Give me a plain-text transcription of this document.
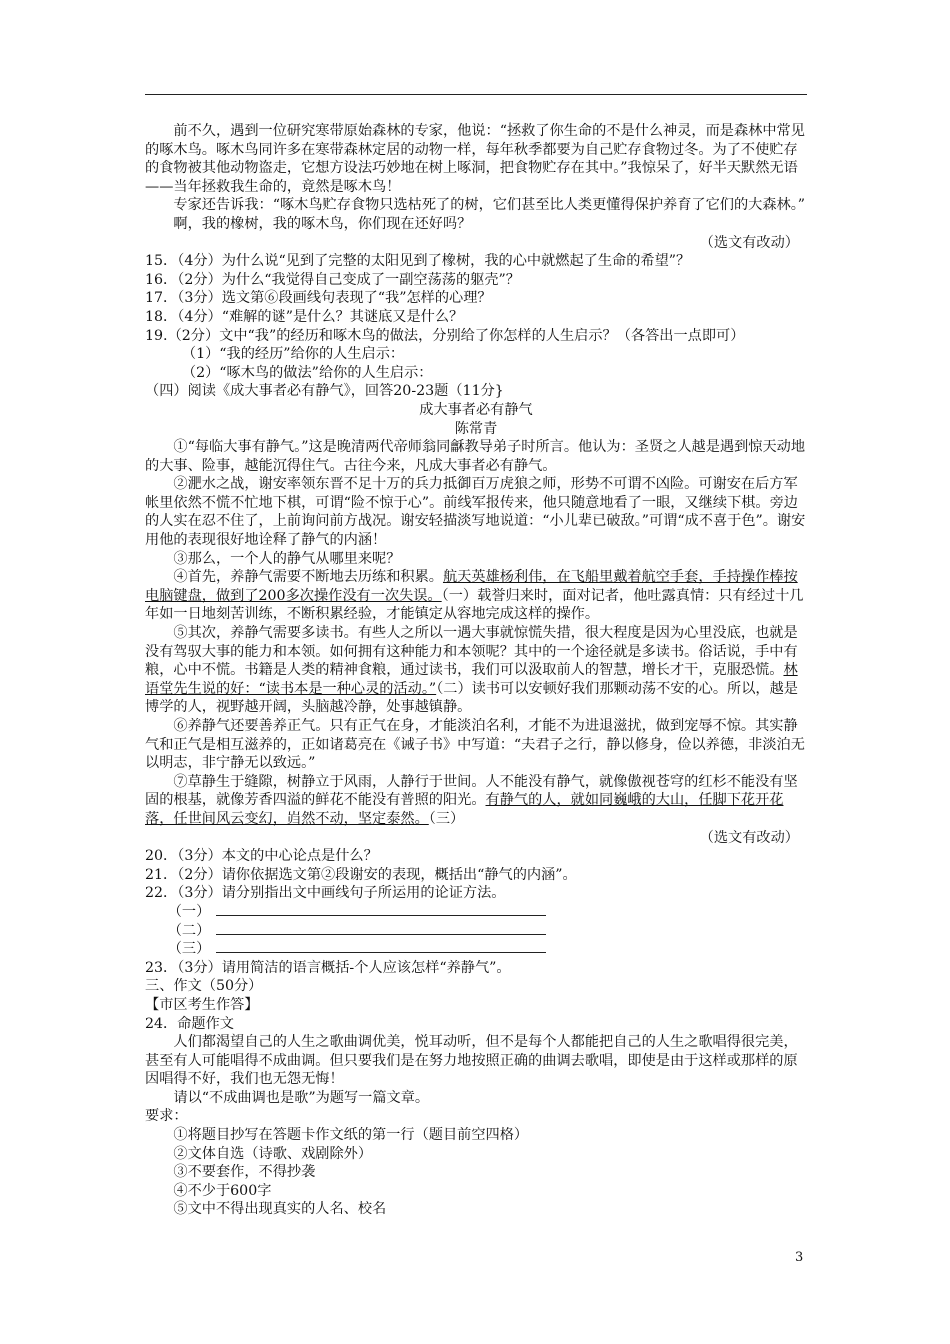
前不久，遇到一位研究寒带原始森林的专家，他说：“拯救了你生命的不是什么神灵，而是森林中常见的啄木鸟。啄木鸟同许多在寒带森林定居的动物一样，每年秋季都要为自己贮存食物过冬。为了不使贮存的食物被其他动物盗走，它想方设法巧妙地在树上啄洞，把食物贮存在其中。”我惊呆了，好半天默然无语——当年拯救我生命的，竟然是啄木鸟！

专家还告诉我：“啄木鸟贮存食物只选枯死了的树，它们甚至比人类更懂得保护养育了它们的大森林。”

啊，我的橡树，我的啄木鸟，你们现在还好吗？

（选文有改动）

15．（4分）为什么说“见到了完整的太阳见到了橡树，我的心中就燃起了生命的希望”？

16．（2分）为什么“我觉得自己变成了一副空荡荡的躯壳”？

17．（3分）选文第⑥段画线句表现了“我”怎样的心理？

18．（4分）“难解的谜”是什么？其谜底又是什么？

19.（2分）文中“我”的经历和啄木鸟的做法，分别给了你怎样的人生启示？（各答出一点即可）

（1）“我的经历”给你的人生启示：

（2）“啄木鸟的做法”给你的人生启示：

（四）阅读《成大事者必有静气》，回答20-23题（11分}

成大事者必有静气

陈常青

①“每临大事有静气。”这是晚清两代帝师翁同龢教导弟子时所言。他认为：圣贤之人越是遇到惊天动地的大事、险事，越能沉得住气。古往今来，凡成大事者必有静气。

②淝水之战，谢安率领东晋不足十万的兵力抵御百万虎狼之师，形势不可谓不凶险。可谢安在后方军帐里依然不慌不忙地下棋，可谓“险不惊于心”。前线军报传来，他只随意地看了一眼，又继续下棋。旁边的人实在忍不住了，上前询问前方战况。谢安轻描淡写地说道：“小儿辈已破敌。”可谓“成不喜于色”。谢安用他的表现很好地诠释了静气的内涵！

③那么，一个人的静气从哪里来呢？

④首先，养静气需要不断地去历练和积累。航天英雄杨利伟，在飞船里戴着航空手套，手持操作棒按电脑键盘，做到了200多次操作没有一次失误。（一）载誉归来时，面对记者，他吐露真情：只有经过十几年如一日地刻苦训练，不断积累经验，才能镇定从容地完成这样的操作。

⑤其次，养静气需要多读书。有些人之所以一遇大事就惊慌失措，很大程度是因为心里没底，也就是没有驾驭大事的能力和本领。如何拥有这种能力和本领呢？其中的一个途径就是多读书。俗话说，手中有粮，心中不慌。书籍是人类的精神食粮，通过读书，我们可以汲取前人的智慧，增长才干，克服恐慌。林语堂先生说的好：“读书本是一种心灵的活动。”（二）读书可以安顿好我们那颗动荡不安的心。所以，越是博学的人，视野越开阔，头脑越冷静，处事越镇静。

⑥养静气还要善养正气。只有正气在身，才能淡泊名利，才能不为进退滋扰，做到宠辱不惊。其实静气和正气是相互滋养的，正如诸葛亮在《诫子书》中写道：“夫君子之行，静以修身，俭以养德，非淡泊无以明志，非宁静无以致远。”

⑦草静生于缝隙，树静立于风雨，人静行于世间。人不能没有静气，就像傲视苍穹的红杉不能没有坚固的根基，就像芳香四溢的鲜花不能没有普照的阳光。有静气的人，就如同巍峨的大山，任脚下花开花落，任世间风云变幻，岿然不动，坚定泰然。（三）

（选文有改动）

20．（3分）本文的中心论点是什么？

21．（2分）请你依据选文第②段谢安的表现，概括出“静气的内涵”。

22．（3分）请分别指出文中画线句子所运用的论证方法。

（一）

（二）

（三）

23．（3分）请用简洁的语言概括-个人应该怎样“养静气”。

三、作文（50分）

【市区考生作答】

24．命题作文

人们都渴望自己的人生之歌曲调优美，悦耳动听，但不是每个人都能把自己的人生之歌唱得很完美，甚至有人可能唱得不成曲调。但只要我们是在努力地按照正确的曲调去歌唱，即使是由于这样或那样的原因唱得不好，我们也无怨无悔！

请以“不成曲调也是歌”为题写一篇文章。

要求：

①将题目抄写在答题卡作文纸的第一行（题目前空四格）

②文体自选（诗歌、戏剧除外）

③不要套作，不得抄袭

④不少于600字

⑤文中不得出现真实的人名、校名

3
